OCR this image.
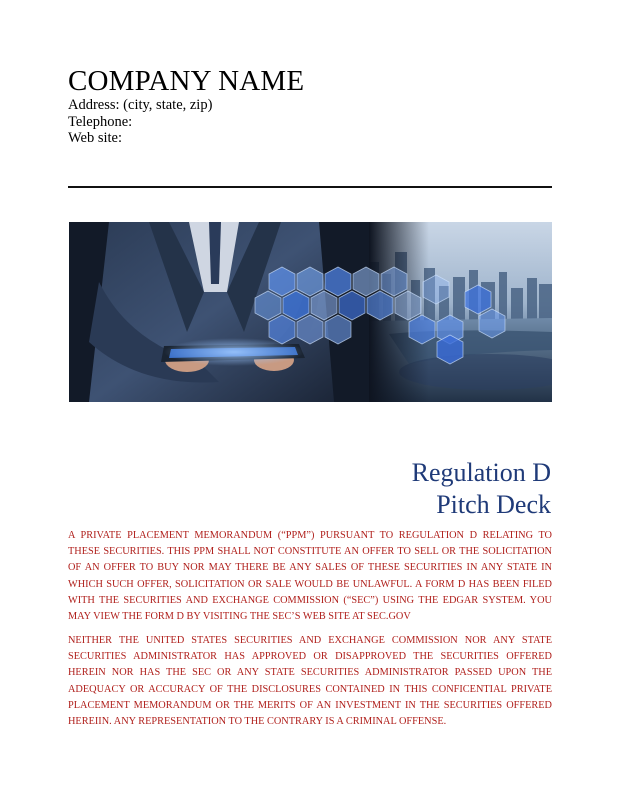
COMPANY NAME
Address: (city, state, zip)
Telephone:
Web site:
Regulation D
Pitch Deck
A PRIVATE PLACEMENT MEMORANDUM (“PPM”) PURSUANT TO REGULATION D RELATING TO THESE SECURITIES. THIS PPM SHALL NOT CONSTITUTE AN OFFER TO SELL OR THE SOLICITATION OF AN OFFER TO BUY NOR MAY THERE BE ANY SALES OF THESE SECURITIES IN ANY STATE IN WHICH SUCH OFFER, SOLICITATION OR SALE WOULD BE UNLAWFUL. A FORM D HAS BEEN FILED WITH THE SECURITIES AND EXCHANGE COMMISSION (“SEC”) USING THE EDGAR SYSTEM. YOU MAY VIEW THE FORM D BY VISITING THE SEC’S WEB SITE AT SEC.GOV
NEITHER THE UNITED STATES SECURITIES AND EXCHANGE COMMISSION NOR ANY STATE SECURITIES ADMINISTRATOR HAS APPROVED OR DISAPPROVED THE SECURITIES OFFERED HEREIN NOR HAS THE SEC OR ANY STATE SECURITIES ADMINISTRATOR PASSED UPON THE ADEQUACY OR ACCURACY OF THE DISCLOSURES CONTAINED IN THIS CONFICENTIAL PRIVATE PLACEMENT MEMORANDUM OR THE MERITS OF AN INVESTMENT IN THE SECURITIES OFFERED HEREIIN. ANY REPRESENTATION TO THE CONTRARY IS A CRIMINAL OFFENSE.
